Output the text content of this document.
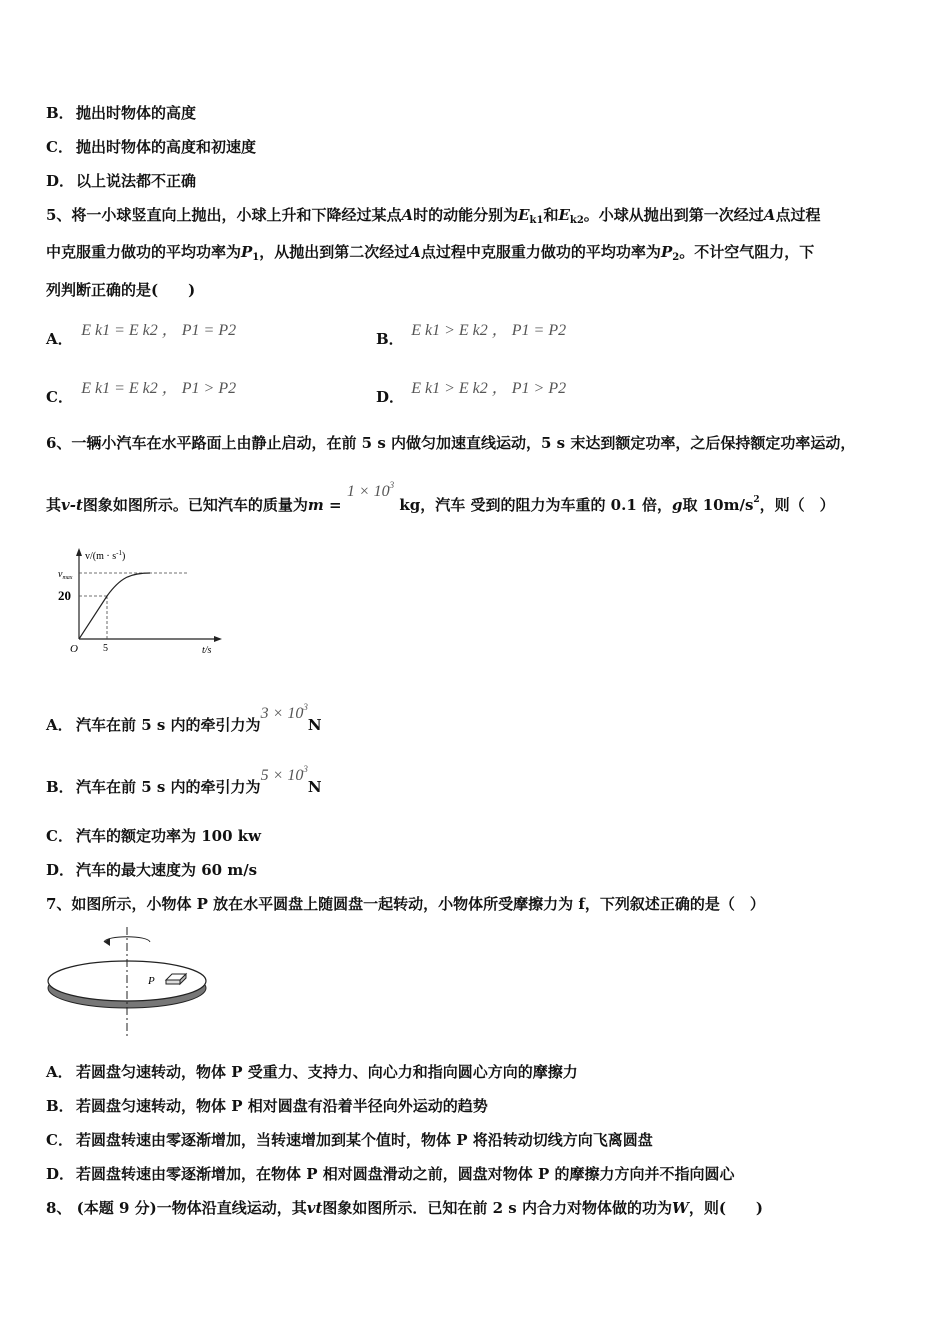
B． 抛出时物体的高度
C． 抛出时物体的高度和初速度
D． 以上说法都不正确
5、将一小球竖直向上抛出，小球上升和下降经过某点A时的动能分别为$E_{k1}$和$E_{k2}$。小球从抛出到第一次经过A点过程
中克服重力做功的平均功率为$P_1$，从抛出到第二次经过A点过程中克服重力做功的平均功率为$P_2$。不计空气阻力，下
列判断正确的是(　　)
A． E k1 = E k2 ， P1 = P2	B． E k1 > E k2 ， P1 = P2
C． E k1 = E k2 ， P1 > P2	D． E k1 > E k2 ， P1 > P2
6、一辆小汽车在水平路面上由静止启动，在前 5 s 内做匀加速直线运动，5 s 末达到额定功率，之后保持额定功率运动，
其v-t图象如图所示。已知汽车的质量为$m = 1 \times 10^3$ kg，汽车 受到的阻力为车重的 0.1 倍，g取 $10m/s^2$，则（　）
$v/(m \cdot s^{-1})$
$v_{max}$
20
O	5	t/s
A． 汽车在前 5 s 内的牵引力为$3 \times 10^3N$
B． 汽车在前 5 s 内的牵引力为$5 \times 10^3N$
C． 汽车的额定功率为 100 kw
D． 汽车的最大速度为 60 m/s
7、如图所示，小物体 P 放在水平圆盘上随圆盘一起转动，小物体所受摩擦力为 f，下列叙述正确的是（　）
P
A． 若圆盘匀速转动，物体 P 受重力、支持力、向心力和指向圆心方向的摩擦力
B． 若圆盘匀速转动，物体 P 相对圆盘有沿着半径向外运动的趋势
C． 若圆盘转速由零逐渐增加，当转速增加到某个值时，物体 P 将沿转动切线方向飞离圆盘
D． 若圆盘转速由零逐渐增加，在物体 P 相对圆盘滑动之前，圆盘对物体 P 的摩擦力方向并不指向圆心
8、 (本题 9 分)一物体沿直线运动，其vt图象如图所示．已知在前 2 s 内合力对物体做的功为W，则(　　)
